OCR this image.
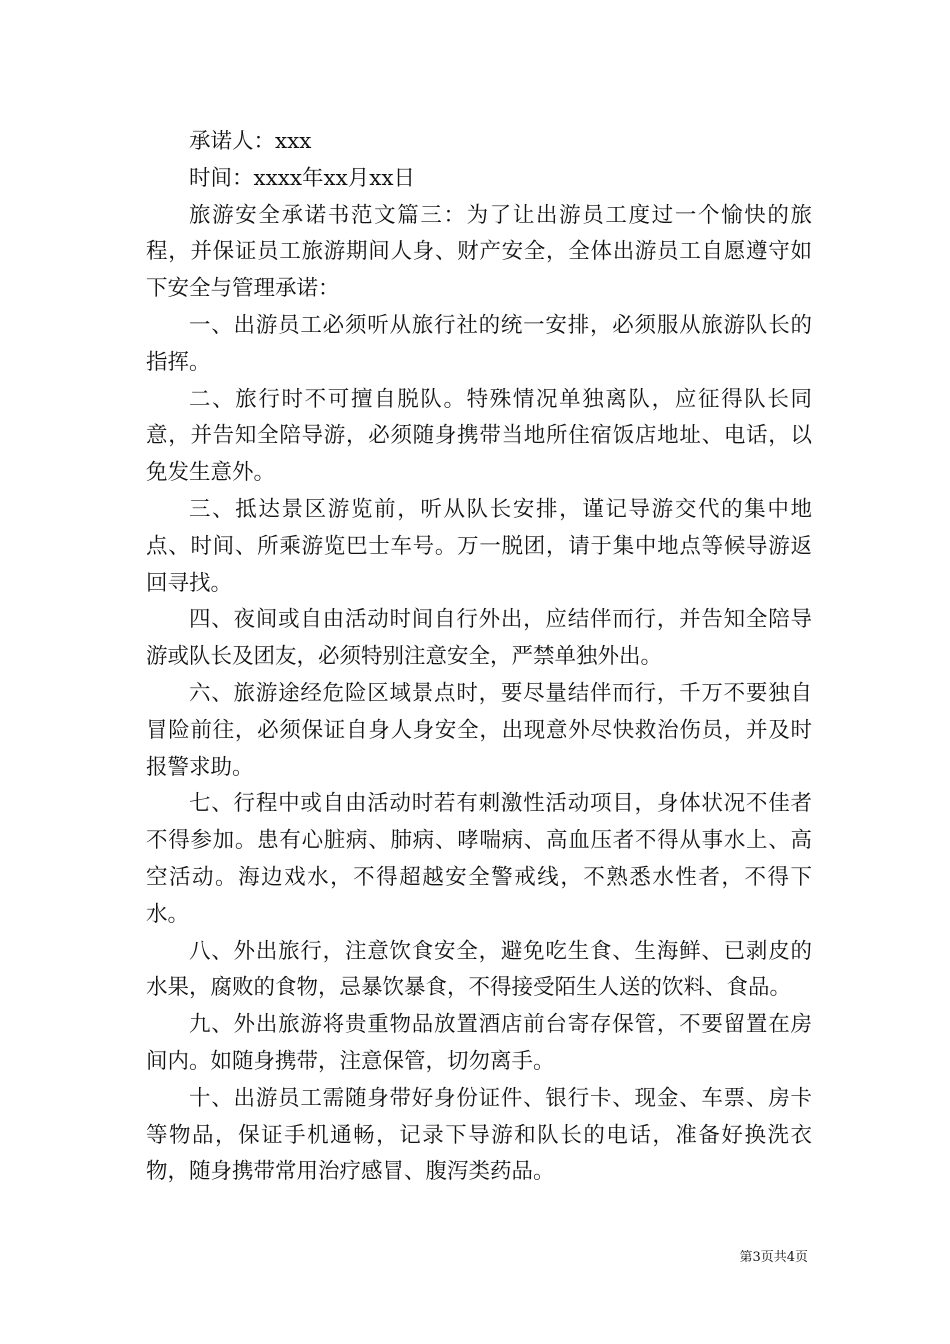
承诺人：xxx

时间：xxxx年xx月xx日

旅游安全承诺书范文篇三：为了让出游员工度过一个愉快的旅程，并保证员工旅游期间人身、财产安全，全体出游员工自愿遵守如下安全与管理承诺：

一、出游员工必须听从旅行社的统一安排，必须服从旅游队长的指挥。

二、旅行时不可擅自脱队。特殊情况单独离队，应征得队长同意，并告知全陪导游，必须随身携带当地所住宿饭店地址、电话，以免发生意外。

三、抵达景区游览前，听从队长安排，谨记导游交代的集中地点、时间、所乘游览巴士车号。万一脱团，请于集中地点等候导游返回寻找。

四、夜间或自由活动时间自行外出，应结伴而行，并告知全陪导游或队长及团友，必须特别注意安全，严禁单独外出。

六、旅游途经危险区域景点时，要尽量结伴而行，千万不要独自冒险前往，必须保证自身人身安全，出现意外尽快救治伤员，并及时报警求助。

七、行程中或自由活动时若有刺激性活动项目，身体状况不佳者不得参加。患有心脏病、肺病、哮喘病、高血压者不得从事水上、高空活动。海边戏水，不得超越安全警戒线，不熟悉水性者，不得下水。

八、外出旅行，注意饮食安全，避免吃生食、生海鲜、已剥皮的水果，腐败的食物，忌暴饮暴食，不得接受陌生人送的饮料、食品。

九、外出旅游将贵重物品放置酒店前台寄存保管，不要留置在房间内。如随身携带，注意保管，切勿离手。

十、出游员工需随身带好身份证件、银行卡、现金、车票、房卡等物品，保证手机通畅，记录下导游和队长的电话，准备好换洗衣物，随身携带常用治疗感冒、腹泻类药品。

第3页共4页
